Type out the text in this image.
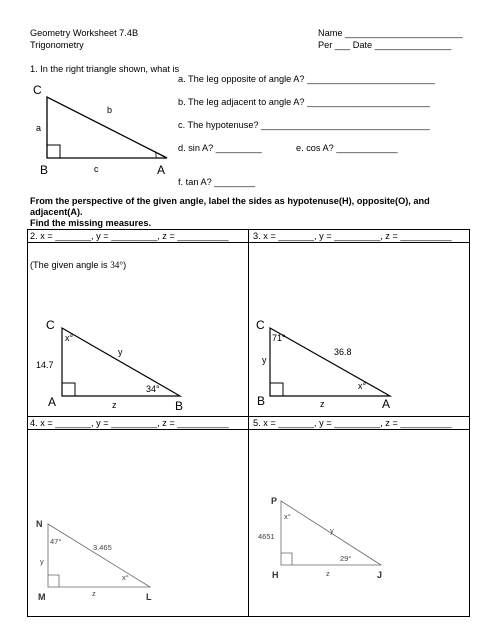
Geometry Worksheet 7.4B
Trigonometry
Name _______________________
Per ___ Date _______________
1. In the right triangle shown, what is
a. The leg opposite of angle A? _________________________
b. The leg adjacent to angle A? ________________________
c. The hypotenuse? _________________________________
d. sin A? _________	e. cos A? ____________
f. tan A? ________
C
a
b
B	c	A
From the perspective of the given angle, label the sides as hypotenuse(H), opposite(O), and
adjacent(A).
Find the missing measures.
2. x = _______, y = _________, z = __________	3. x = _______, y = _________, z = __________
4. x = _______, y = _________, z = __________	5. x = _______, y = _________, z = __________
(The given angle is 34°)
C
x°
14.7
y
34°
A	z	B
C
71°
y
36.8
x°
B	z	A
N
47°
y
3.465
x°
M	z	L
P
x°
4651
y
29°
H	z	J
